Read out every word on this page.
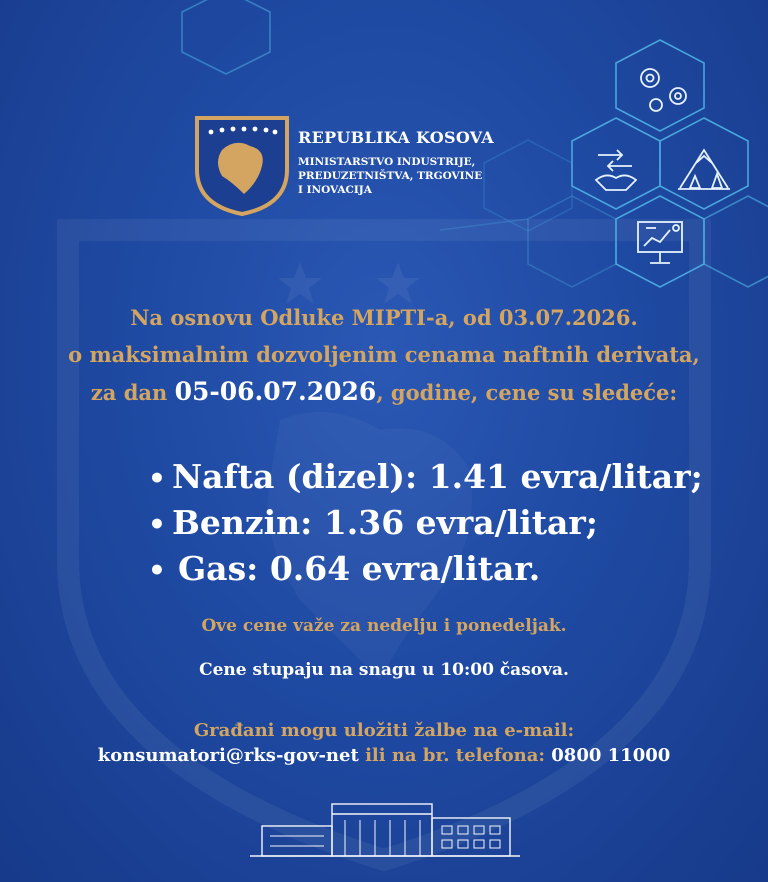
REPUBLIKA KOSOVA
MINISTARSTVO INDUSTRIJE,
PREDUZETNIŠTVA, TRGOVINE
I INOVACIJA
Na osnovu Odluke MIPTI-a, od 03.07.2026.
o maksimalnim dozvoljenim cenama naftnih derivata,
za dan 05-06.07.2026, godine, cene su sledeće:
• Nafta (dizel): 1.41 evra/litar;
• Benzin: 1.36 evra/litar;
• Gas: 0.64 evra/litar.
Ove cene važe za nedelju i ponedeljak.
Cene stupaju na snagu u 10:00 časova.
Građani mogu uložiti žalbe na e-mail:
konsumatori@rks-gov-net ili na br. telefona: 0800 11000
